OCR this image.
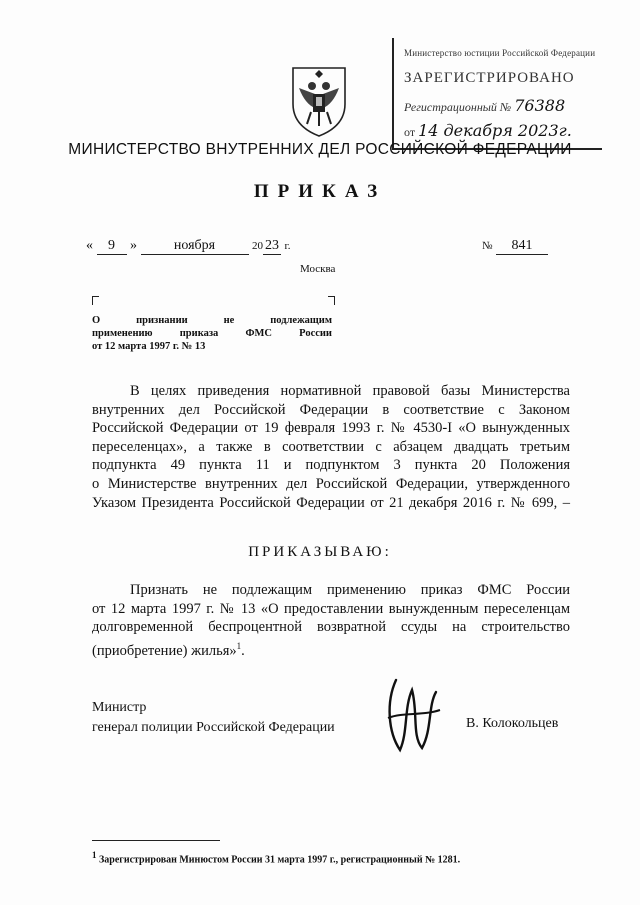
Министерство юстиции Российской Федерации
ЗАРЕГИСТРИРОВАНО
Регистрационный № 76388
от 14 декабря 2023г.
МИНИСТЕРСТВО ВНУТРЕННИХ ДЕЛ РОССИЙСКОЙ ФЕДЕРАЦИИ
ПРИКАЗ
« 9 »	ноября	20 23 г.	№ 841
Москва
О признании не подлежащим
применению приказа ФМС России
от 12 марта 1997 г. № 13
В целях приведения нормативной правовой базы Министерства
внутренних дел Российской Федерации в соответствие с Законом
Российской Федерации от 19 февраля 1993 г. № 4530-I «О вынужденных
переселенцах», а также в соответствии с абзацем двадцать третьим
подпункта 49 пункта 11 и подпунктом 3 пункта 20 Положения
о Министерстве внутренних дел Российской Федерации, утвержденного
Указом Президента Российской Федерации от 21 декабря 2016 г. № 699, –
ПРИКАЗЫВАЮ:
Признать не подлежащим применению приказ ФМС России
от 12 марта 1997 г. № 13 «О предоставлении вынужденным переселенцам
долговременной беспроцентной возвратной ссуды на строительство
(приобретение) жилья»$^1$.
Министр
генерал полиции Российской Федерации	В. Колокольцев
$^1$ Зарегистрирован Минюстом России 31 марта 1997 г., регистрационный № 1281.
